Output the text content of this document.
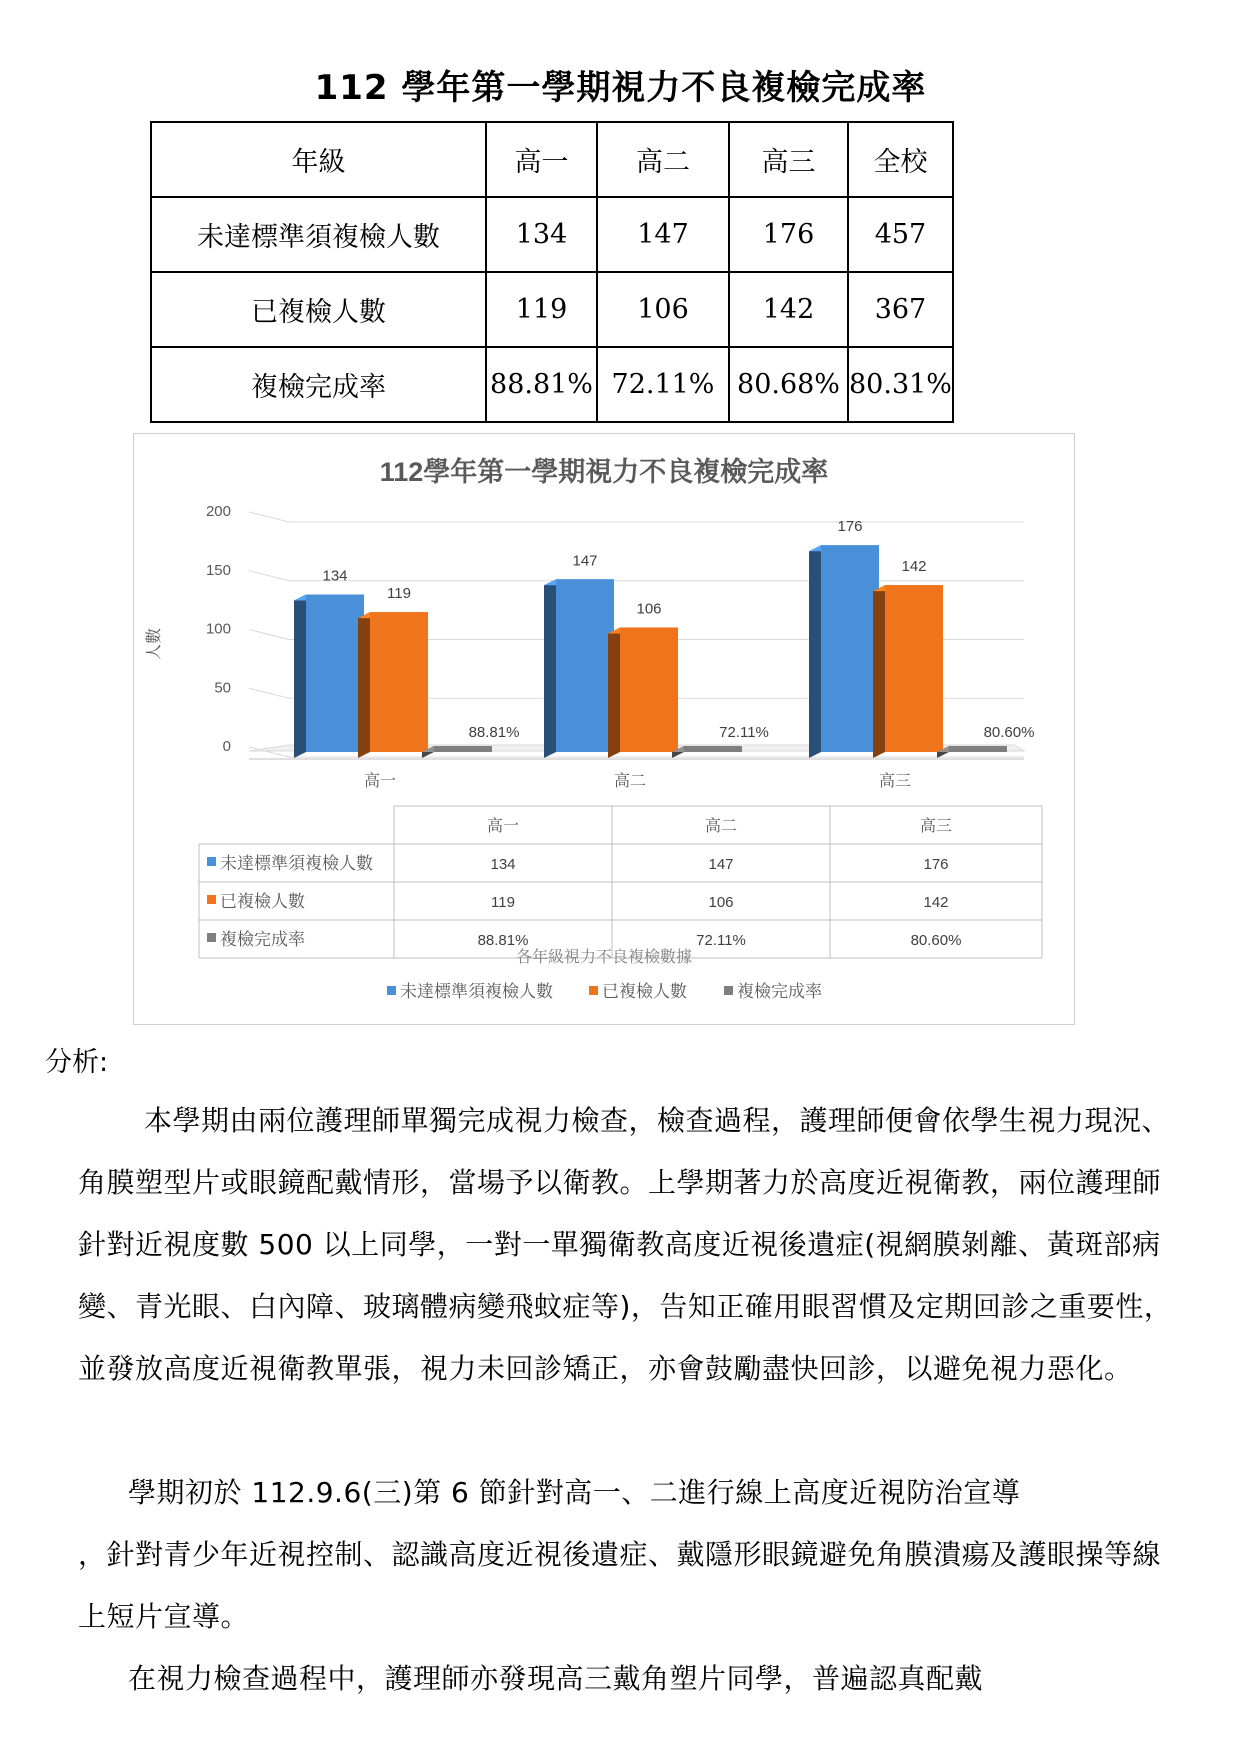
112 學年第一學期視力不良複檢完成率
年級	高一	高二	高三	全校
未達標準須複檢人數	134	147	176	457
已複檢人數	119	106	142	367
複檢完成率	88.81%	72.11%	80.68%	80.31%
112學年第一學期視力不良複檢完成率
0
50
100
150
200
人數
134
119
88.81%
高一
147
106
72.11%
高二
176
142
80.60%
高三
高一	高二	高三
未達標準須複檢人數	134	147	176
已複檢人數	119	106	142
複檢完成率	88.81%	72.11%	80.60%
各年級視力不良複檢數據
未達標準須複檢人數	已複檢人數	複檢完成率
分析:
本學期由兩位護理師單獨完成視力檢查，檢查過程，護理師便會依學生視力現況、角膜塑型片或眼鏡配戴情形，當場予以衛教。上學期著力於高度近視衛教，兩位護理師針對近視度數 500 以上同學，一對一單獨衛教高度近視後遺症(視網膜剝離、黃斑部病變、青光眼、白內障、玻璃體病變飛蚊症等)，告知正確用眼習慣及定期回診之重要性，並發放高度近視衛教單張，視力未回診矯正，亦會鼓勵盡快回診，以避免視力惡化。
學期初於 112.9.6(三)第 6 節針對高一、二進行線上高度近視防治宣導
，針對青少年近視控制、認識高度近視後遺症、戴隱形眼鏡避免角膜潰瘍及護眼操等線上短片宣導。
在視力檢查過程中，護理師亦發現高三戴角塑片同學，普遍認真配戴
